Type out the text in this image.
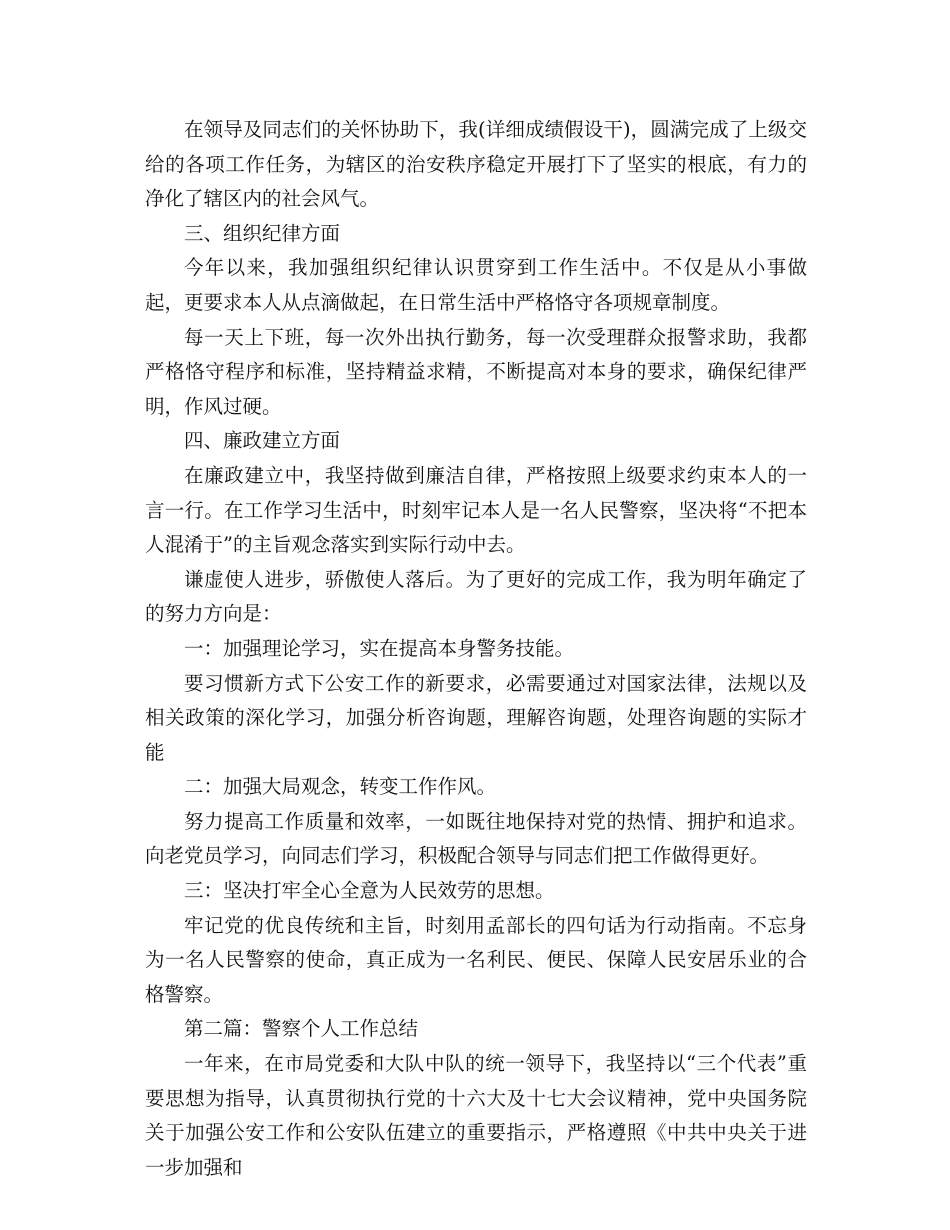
在领导及同志们的关怀协助下，我(详细成绩假设干)，圆满完成了上级交给的各项工作任务，为辖区的治安秩序稳定开展打下了坚实的根底，有力的净化了辖区内的社会风气。

三、组织纪律方面

今年以来，我加强组织纪律认识贯穿到工作生活中。不仅是从小事做起，更要求本人从点滴做起，在日常生活中严格恪守各项规章制度。

每一天上下班，每一次外出执行勤务，每一次受理群众报警求助，我都严格恪守程序和标准，坚持精益求精，不断提高对本身的要求，确保纪律严明，作风过硬。

四、廉政建立方面

在廉政建立中，我坚持做到廉洁自律，严格按照上级要求约束本人的一言一行。在工作学习生活中，时刻牢记本人是一名人民警察，坚决将“不把本人混淆于”的主旨观念落实到实际行动中去。

谦虚使人进步，骄傲使人落后。为了更好的完成工作，我为明年确定了的努力方向是：

一：加强理论学习，实在提高本身警务技能。

要习惯新方式下公安工作的新要求，必需要通过对国家法律，法规以及相关政策的深化学习，加强分析咨询题，理解咨询题，处理咨询题的实际才能

二：加强大局观念，转变工作作风。

努力提高工作质量和效率，一如既往地保持对党的热情、拥护和追求。向老党员学习，向同志们学习，积极配合领导与同志们把工作做得更好。

三：坚决打牢全心全意为人民效劳的思想。

牢记党的优良传统和主旨，时刻用孟部长的四句话为行动指南。不忘身为一名人民警察的使命，真正成为一名利民、便民、保障人民安居乐业的合格警察。

第二篇：警察个人工作总结

一年来，在市局党委和大队中队的统一领导下，我坚持以“三个代表”重要思想为指导，认真贯彻执行党的十六大及十七大会议精神，党中央国务院关于加强公安工作和公安队伍建立的重要指示，严格遵照《中共中央关于进一步加强和
